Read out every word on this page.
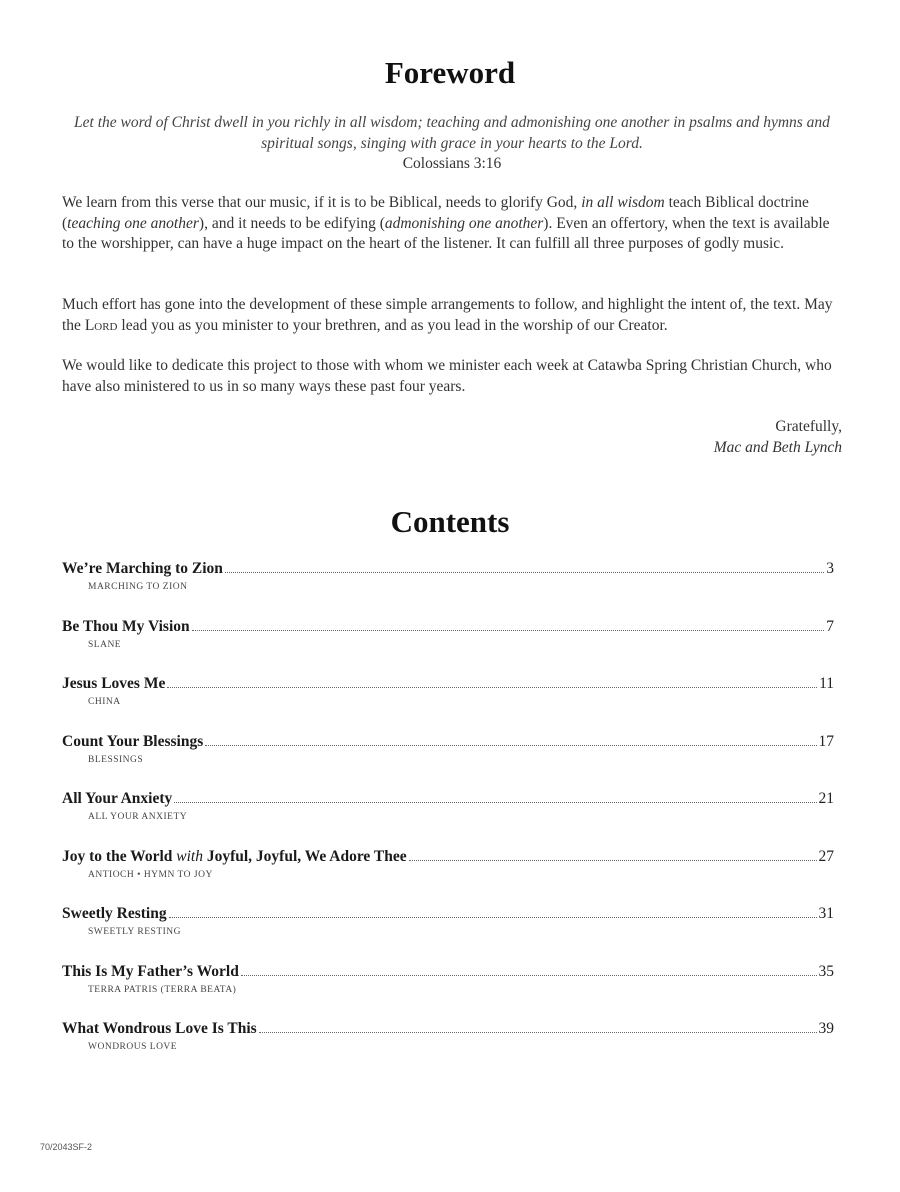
Foreword
Let the word of Christ dwell in you richly in all wisdom; teaching and admonishing one another in psalms and hymns and spiritual songs, singing with grace in your hearts to the Lord.
Colossians 3:16

We learn from this verse that our music, if it is to be Biblical, needs to glorify God, in all wisdom teach Biblical doctrine (teaching one another), and it needs to be edifying (admonishing one another). Even an offertory, when the text is available to the worshipper, can have a huge impact on the heart of the listener. It can fulfill all three purposes of godly music.

Much effort has gone into the development of these simple arrangements to follow, and highlight the intent of, the text. May the Lord lead you as you minister to your brethren, and as you lead in the worship of our Creator.

We would like to dedicate this project to those with whom we minister each week at Catawba Spring Christian Church, who have also ministered to us in so many ways these past four years.

Gratefully,
Mac and Beth Lynch
Contents
We’re Marching to Zion	3
MARCHING TO ZION
Be Thou My Vision	7
SLANE
Jesus Loves Me	11
CHINA
Count Your Blessings	17
BLESSINGS
All Your Anxiety	21
ALL YOUR ANXIETY
Joy to the World with Joyful, Joyful, We Adore Thee	27
ANTIOCH • HYMN TO JOY
Sweetly Resting	31
SWEETLY RESTING
This Is My Father’s World	35
TERRA PATRIS (TERRA BEATA)
What Wondrous Love Is This	39
WONDROUS LOVE
70/2043SF-2
